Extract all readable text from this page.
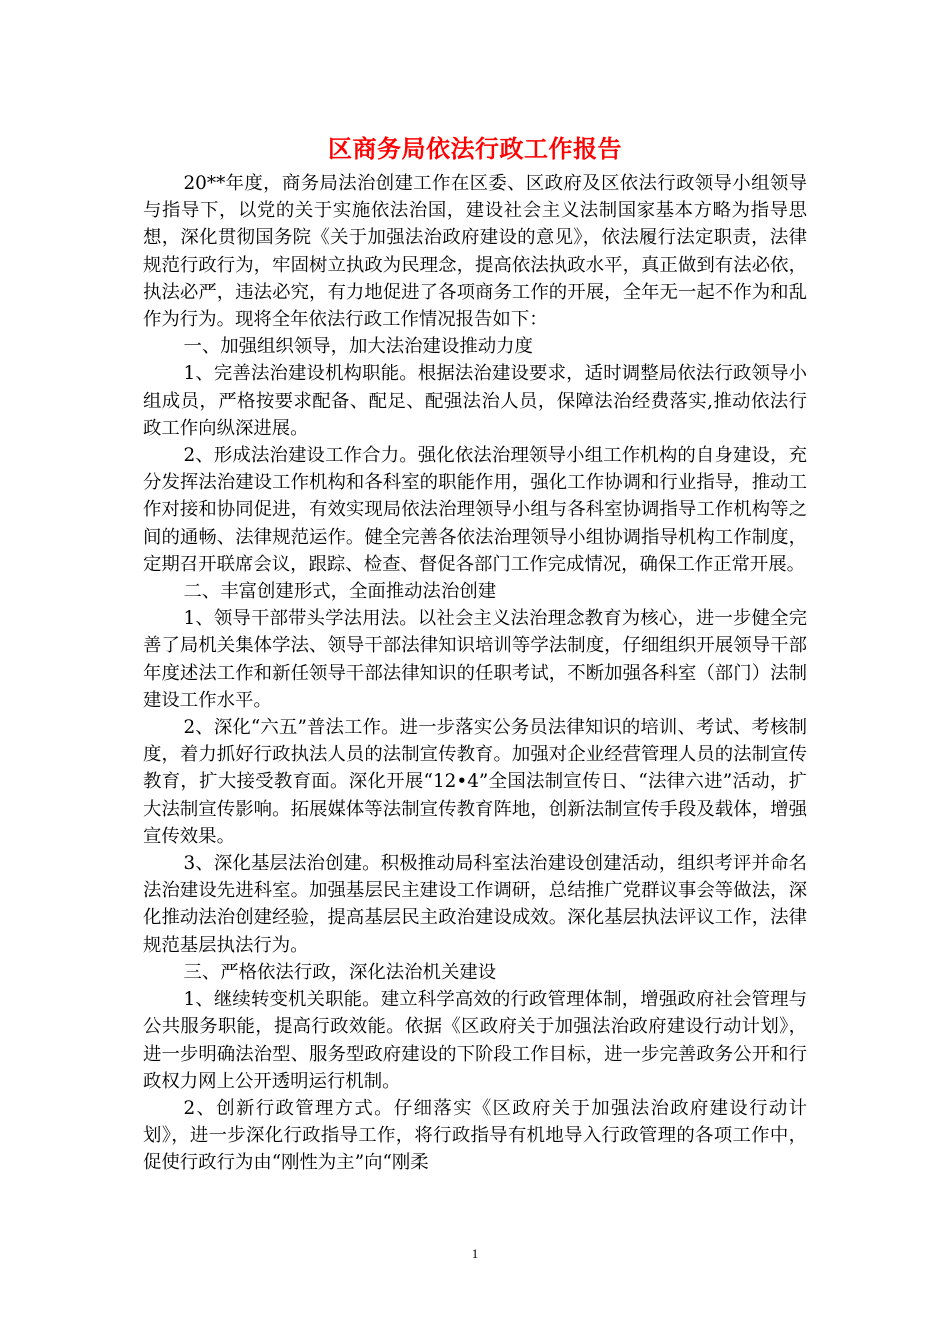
区商务局依法行政工作报告

20**年度，商务局法治创建工作在区委、区政府及区依法行政领导小组领导与指导下，以党的关于实施依法治国，建设社会主义法制国家基本方略为指导思想，深化贯彻国务院《关于加强法治政府建设的意见》，依法履行法定职责，法律规范行政行为，牢固树立执政为民理念，提高依法执政水平，真正做到有法必依，执法必严，违法必究，有力地促进了各项商务工作的开展，全年无一起不作为和乱作为行为。现将全年依法行政工作情况报告如下：

一、加强组织领导，加大法治建设推动力度

1、完善法治建设机构职能。根据法治建设要求，适时调整局依法行政领导小组成员，严格按要求配备、配足、配强法治人员，保障法治经费落实,推动依法行政工作向纵深进展。

2、形成法治建设工作合力。强化依法治理领导小组工作机构的自身建设，充分发挥法治建设工作机构和各科室的职能作用，强化工作协调和行业指导，推动工作对接和协同促进，有效实现局依法治理领导小组与各科室协调指导工作机构等之间的通畅、法律规范运作。健全完善各依法治理领导小组协调指导机构工作制度，定期召开联席会议，跟踪、检查、督促各部门工作完成情况，确保工作正常开展。

二、丰富创建形式，全面推动法治创建

1、领导干部带头学法用法。以社会主义法治理念教育为核心，进一步健全完善了局机关集体学法、领导干部法律知识培训等学法制度，仔细组织开展领导干部年度述法工作和新任领导干部法律知识的任职考试，不断加强各科室（部门）法制建设工作水平。

2、深化“六五”普法工作。进一步落实公务员法律知识的培训、考试、考核制度，着力抓好行政执法人员的法制宣传教育。加强对企业经营管理人员的法制宣传教育，扩大接受教育面。深化开展“12•4”全国法制宣传日、“法律六进”活动，扩大法制宣传影响。拓展媒体等法制宣传教育阵地，创新法制宣传手段及载体，增强宣传效果。

3、深化基层法治创建。积极推动局科室法治建设创建活动，组织考评并命名法治建设先进科室。加强基层民主建设工作调研，总结推广党群议事会等做法，深化推动法治创建经验，提高基层民主政治建设成效。深化基层执法评议工作，法律规范基层执法行为。

三、严格依法行政，深化法治机关建设

1、继续转变机关职能。建立科学高效的行政管理体制，增强政府社会管理与公共服务职能，提高行政效能。依据《区政府关于加强法治政府建设行动计划》，进一步明确法治型、服务型政府建设的下阶段工作目标，进一步完善政务公开和行政权力网上公开透明运行机制。

2、创新行政管理方式。仔细落实《区政府关于加强法治政府建设行动计划》，进一步深化行政指导工作，将行政指导有机地导入行政管理的各项工作中，促使行政行为由“刚性为主”向“刚柔

1
